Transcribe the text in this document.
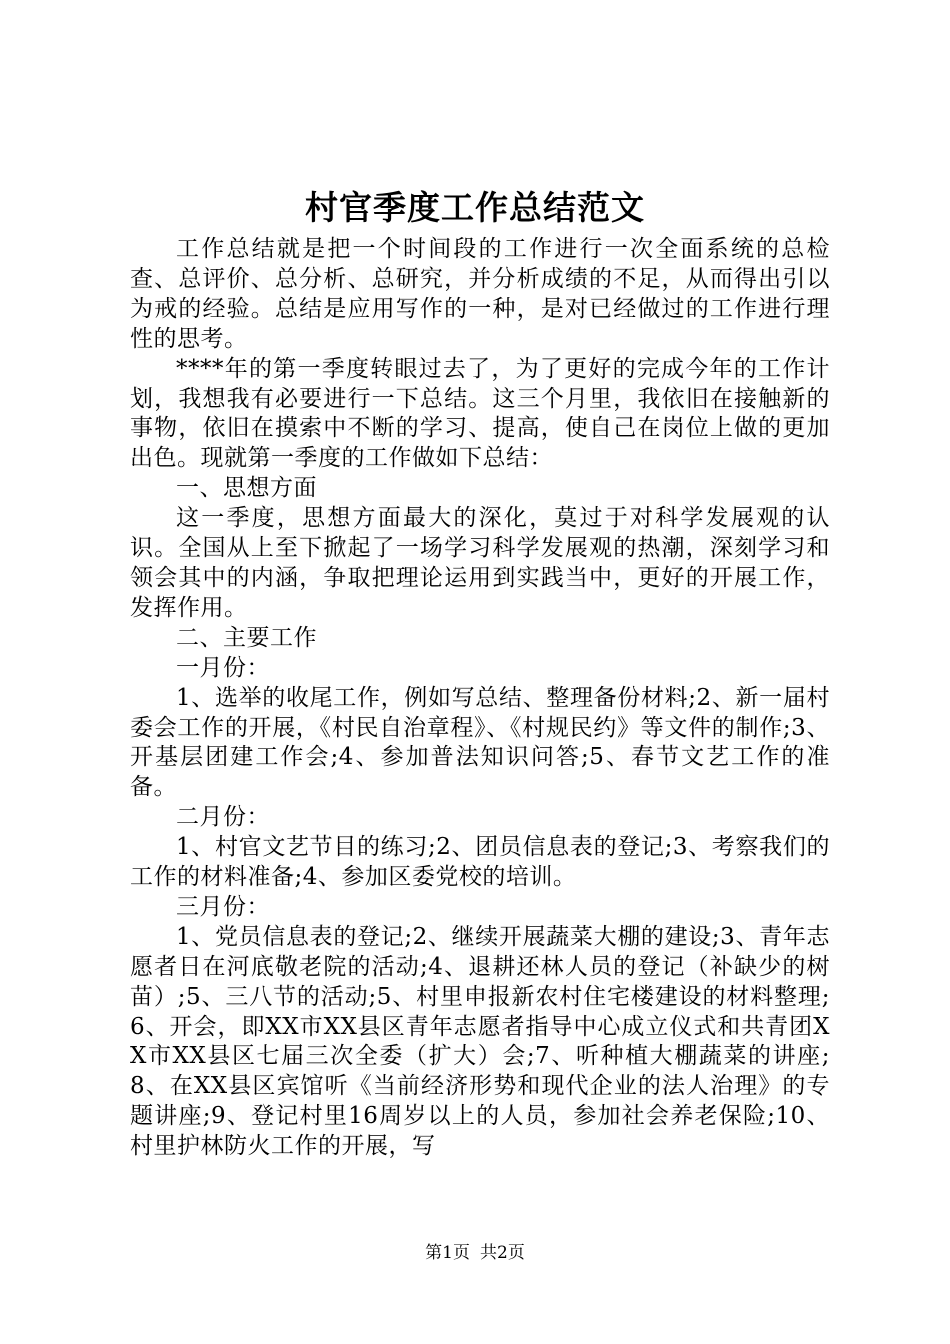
村官季度工作总结范文

工作总结就是把一个时间段的工作进行一次全面系统的总检查、总评价、总分析、总研究，并分析成绩的不足，从而得出引以为戒的经验。总结是应用写作的一种，是对已经做过的工作进行理性的思考。

****年的第一季度转眼过去了，为了更好的完成今年的工作计划，我想我有必要进行一下总结。这三个月里，我依旧在接触新的事物，依旧在摸索中不断的学习、提高，使自己在岗位上做的更加出色。现就第一季度的工作做如下总结：

一、思想方面

这一季度，思想方面最大的深化，莫过于对科学发展观的认识。全国从上至下掀起了一场学习科学发展观的热潮，深刻学习和领会其中的内涵，争取把理论运用到实践当中，更好的开展工作，发挥作用。

二、主要工作

一月份：

1、选举的收尾工作，例如写总结、整理备份材料;2、新一届村委会工作的开展，《村民自治章程》、《村规民约》等文件的制作;3、开基层团建工作会;4、参加普法知识问答;5、春节文艺工作的准备。

二月份：

1、村官文艺节目的练习;2、团员信息表的登记;3、考察我们的工作的材料准备;4、参加区委党校的培训。

三月份：

1、党员信息表的登记;2、继续开展蔬菜大棚的建设;3、青年志愿者日在河底敬老院的活动;4、退耕还林人员的登记（补缺少的树苗）;5、三八节的活动;5、村里申报新农村住宅楼建设的材料整理;6、开会，即XX市XX县区青年志愿者指导中心成立仪式和共青团XX市XX县区七届三次全委（扩大）会;7、听种植大棚蔬菜的讲座;8、在XX县区宾馆听《当前经济形势和现代企业的法人治理》的专题讲座;9、登记村里16周岁以上的人员，参加社会养老保险;10、村里护林防火工作的开展，写

第1页 共2页
